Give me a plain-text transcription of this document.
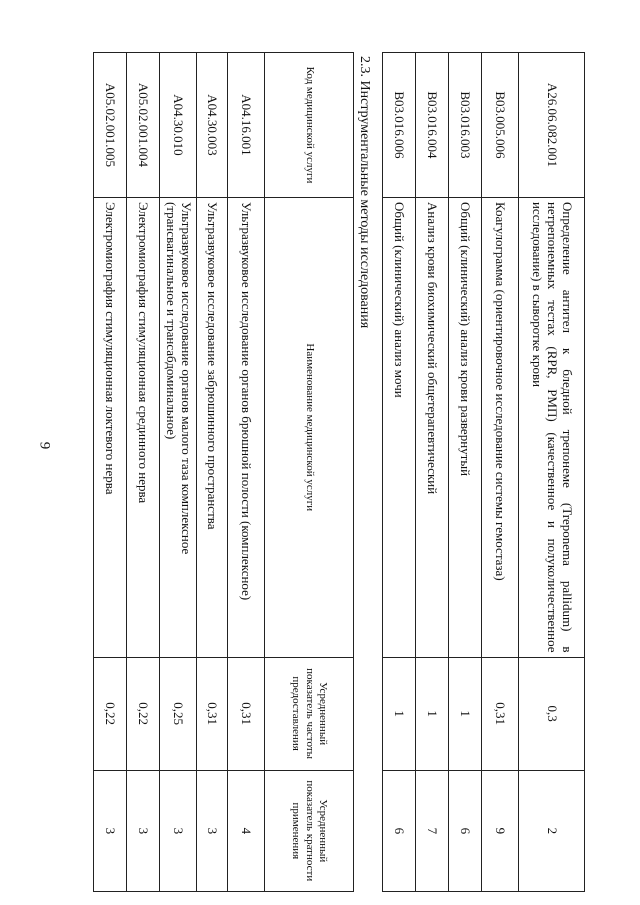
9
A26.06.082.001	Определение антител к бледной трепонеме (Treponema pallidum) в нетрепонемных тестах (RPR, РМП) (качественное и полуколичественное исследование) в сыворотке крови	0,3	2
B03.005.006	Коагулограмма (ориентировочное исследование системы гемостаза)	0,31	9
B03.016.003	Общий (клинический) анализ крови развернутый	1	6
B03.016.004	Анализ крови биохимический общетерапевтический	1	7
B03.016.006	Общий (клинический) анализ мочи	1	6
2.3. Инструментальные методы исследования
Код медицинской услуги	Наименование медицинской услуги	Усредненный показатель частоты предоставления	Усредненный показатель кратности применения
A04.16.001	Ультразвуковое исследование органов брюшной полости (комплексное)	0,31	4
A04.30.003	Ультразвуковое исследование забрюшинного пространства	0,31	3
A04.30.010	Ультразвуковое исследование органов малого таза комплексное (трансвагинальное и трансабдоминальное)	0,25	3
A05.02.001.004	Электромиография стимуляционная срединного нерва	0,22	3
A05.02.001.005	Электромиография стимуляционная локтевого нерва	0,22	3
